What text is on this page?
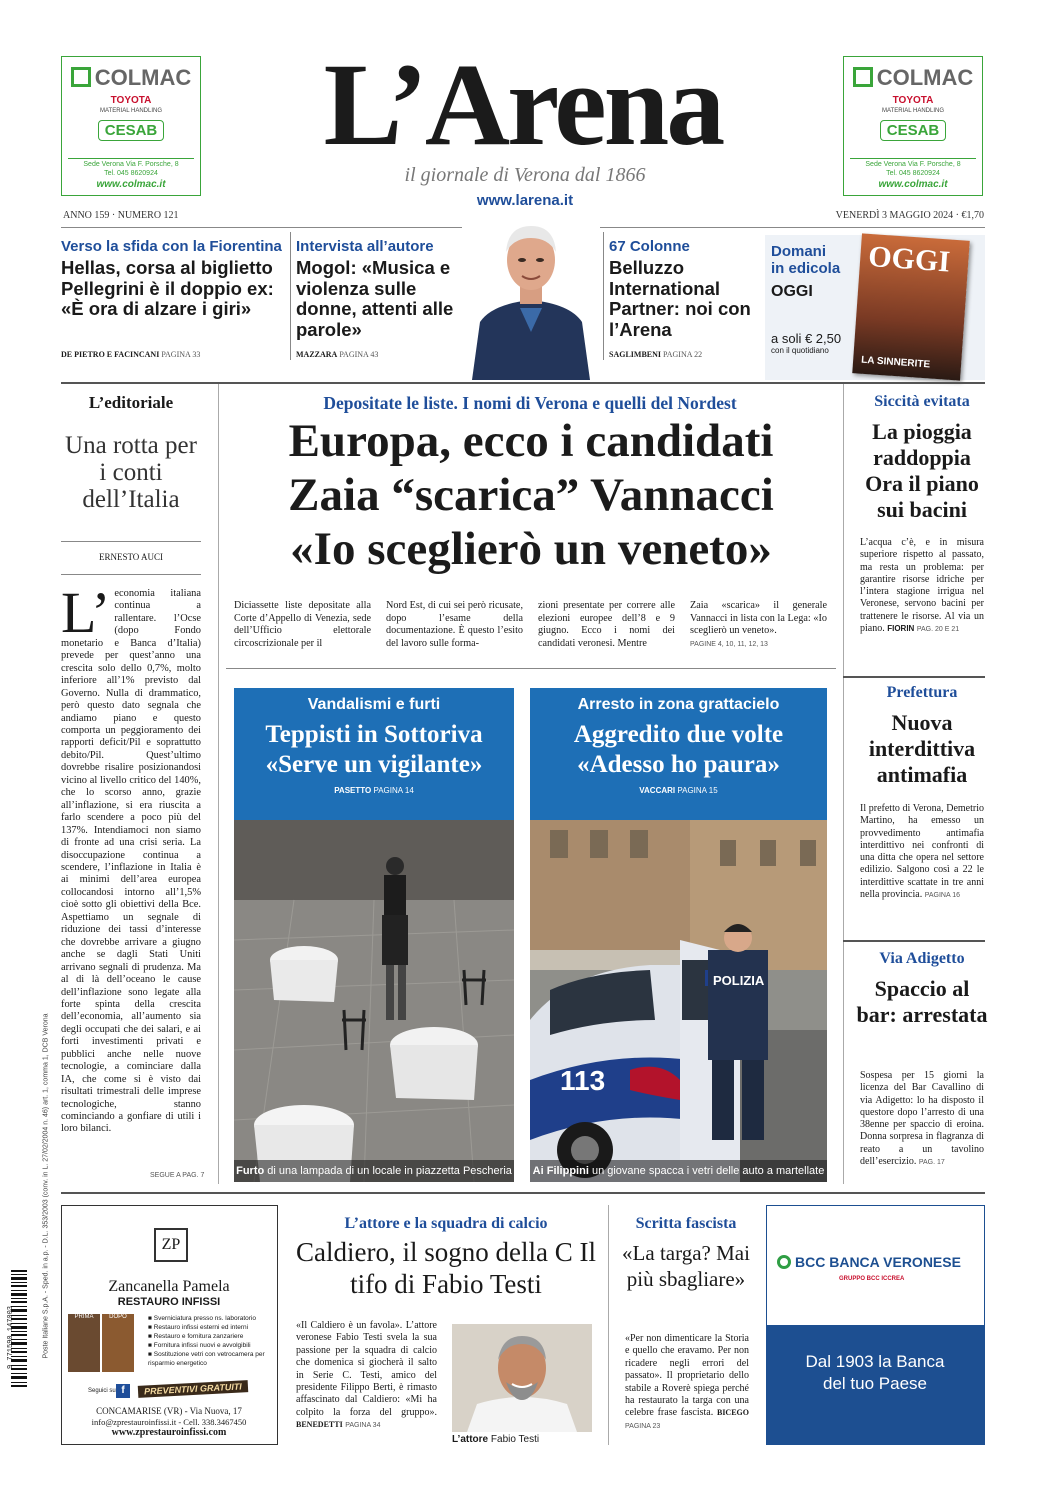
COLMAC
TOYOTA
MATERIAL HANDLING
CESAB
Sede Verona Via F. Porsche, 8
Tel. 045 8620924
www.colmac.it
COLMAC
TOYOTA
MATERIAL HANDLING
CESAB
Sede Verona Via F. Porsche, 8
Tel. 045 8620924
www.colmac.it
L’Arena
il giornale di Verona dal 1866
www.larena.it
ANNO 159 · NUMERO 121	VENERDÌ 3 MAGGIO 2024 · €1,70
Verso la sfida con la Fiorentina
Hellas, corsa al biglietto Pellegrini è il doppio ex: «È ora di alzare i giri»
DE PIETRO E FACINCANI PAGINA 33
Intervista all’autore
Mogol: «Musica e violenza sulle donne, attenti alle parole»
MAZZARA PAGINA 43
67 Colonne
Belluzzo International Partner: noi con l’Arena
SAGLIMBENI PAGINA 22
Domani in edicola
OGGI
a soli € 2,50
con il quotidiano
OGGI
LA SINNERITE
L’editoriale
Una rotta per i conti dell’Italia
ERNESTO AUCI
L’ economia italiana continua a rallentare. l’Ocse (dopo Fondo monetario e Banca d’Italia) prevede per quest’anno una crescita solo dello 0,7%, molto inferiore all’1% previsto dal Governo. Nulla di drammatico, però questo dato segnala che andiamo piano e questo comporta un peggioramento dei rapporti deficit/Pil e soprattutto debito/Pil. Quest’ultimo dovrebbe risalire posizionandosi vicino al livello critico del 140%, che lo scorso anno, grazie all’inflazione, si era riuscita a farlo scendere a poco più del 137%. Intendiamoci non siamo di fronte ad una crisi seria. La disoccupazione continua a scendere, l’inflazione in Italia è ai minimi dell’area europea collocandosi intorno all’1,5% cioè sotto gli obiettivi della Bce. Aspettiamo un segnale di riduzione dei tassi d’interesse che dovrebbe arrivare a giugno anche se dagli Stati Uniti arrivano segnali di prudenza. Ma al di là dell’oceano le cause dell’inflazione sono legate alla forte spinta della crescita dell’economia, all’aumento sia degli occupati che dei salari, e ai forti investimenti privati e pubblici anche nelle nuove tecnologie, a cominciare dalla IA, che come si è visto dai risultati trimestrali delle imprese tecnologiche, stanno cominciando a gonfiare di utili i loro bilanci.
SEGUE A PAG. 7
Depositate le liste. I nomi di Verona e quelli del Nordest
Europa, ecco i candidati
Zaia “scarica” Vannacci
«Io sceglierò un veneto»
Diciassette liste depositate alla Corte d’Appello di Venezia, sede dell’Ufficio elettorale circoscrizionale per il
Nord Est, di cui sei però ricusate, dopo l’esame della documentazione. È questo l’esito del lavoro sulle forma-
zioni presentate per correre alle elezioni europee dell’8 e 9 giugno. Ecco i nomi dei candidati veronesi. Mentre
Zaia «scarica» il generale Vannacci in lista con la Lega: «Io sceglierò un veneto».
PAGINE 4, 10, 11, 12, 13
Vandalismi e furti
Teppisti in Sottoriva «Serve un vigilante»
PASETTO PAGINA 14
Furto di una lampada di un locale in piazzetta Pescheria
Arresto in zona grattacielo
Aggredito due volte «Adesso ho paura»
VACCARI PAGINA 15
POLIZIA
113
Ai Filippini un giovane spacca i vetri delle auto a martellate
Siccità evitata
La pioggia raddoppia Ora il piano sui bacini
L’acqua c’è, e in misura superiore rispetto al passato, ma resta un problema: per garantire risorse idriche per l’intera stagione irrigua nel Veronese, servono bacini per trattenere le risorse. Al via un piano. FIORIN PAG. 20 E 21
Prefettura
Nuova interdittiva antimafia
Il prefetto di Verona, Demetrio Martino, ha emesso un provvedimento antimafia interdittivo nei confronti di una ditta che opera nel settore edilizio. Salgono così a 22 le interdittive scattate in tre anni nella provincia. PAGINA 16
Via Adigetto
Spaccio al bar: arrestata
Sospesa per 15 giorni la licenza del Bar Cavallino di via Adigetto: lo ha disposto il questore dopo l’arresto di una 38enne per spaccio di eroina. Donna sorpresa in flagranza di reato a un tavolino dell’esercizio. PAG. 17
ZP
Zancanella Pamela
RESTAURO INFISSI
PRIMA	DOPO	■ Sverniciatura presso ns. laboratorio
■ Restauro infissi esterni ed interni
■ Restauro e fornitura zanzariere
■ Fornitura infissi nuovi e avvolgibili
■ Sostituzione vetri con vetrocamera per risparmio energetico
Seguici su f	PREVENTIVI GRATUITI
CONCAMARISE (VR) - Via Nuova, 17
info@zprestauroinfissi.it - Cell. 338.3467450
www.zprestauroinfissi.com
L’attore e la squadra di calcio
Caldiero, il sogno della C Il tifo di Fabio Testi
«Il Caldiero è un favola». L’attore veronese Fabio Testi svela la sua passione per la squadra di calcio che domenica si giocherà il salto in Serie C. Testi, amico del presidente Filippo Berti, è rimasto affascinato dal Caldiero: «Mi ha colpito la forza del gruppo». BENEDETTI PAGINA 34
L’attore Fabio Testi
Scritta fascista
«La targa? Mai più sbagliare»
«Per non dimenticare la Storia e quello che eravamo. Per non ricadere negli errori del passato». Il proprietario dello stabile a Roverè spiega perché ha restaurato la targa con una celebre frase fascista. BICEGO PAGINA 23
BCC BANCA VERONESE
GRUPPO BCC ICCREA
Dal 1903 la Banca del tuo Paese
Poste Italiane S.p.A. - Sped. in a.p. - D.L. 353/2003 (conv. in L. 27/02/2004 n. 46) art. 1, comma 1, DCB Verona
9 771590 147003
